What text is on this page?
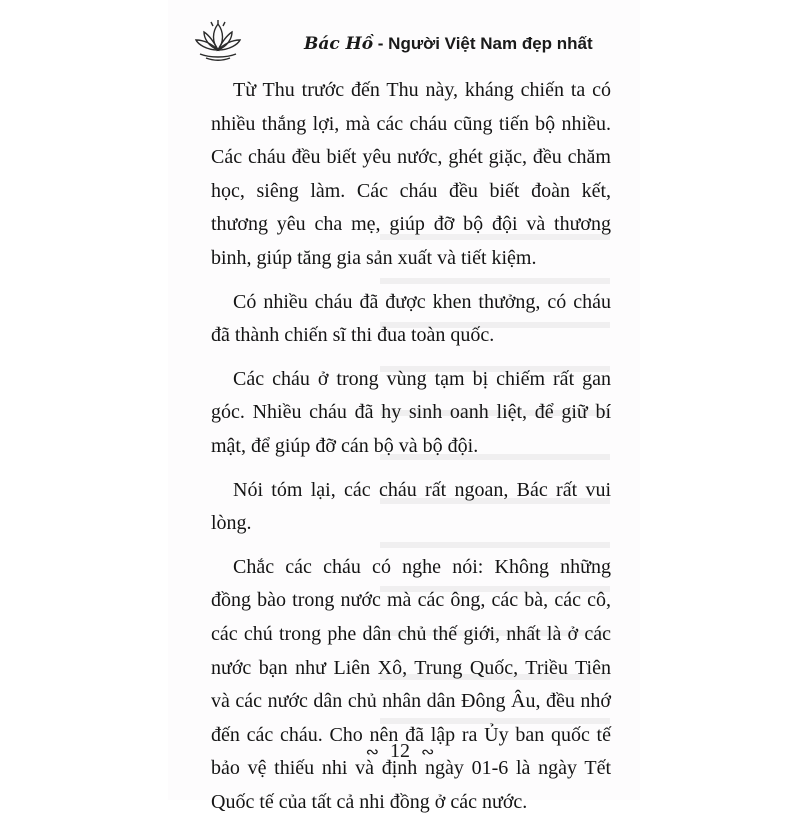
Bác Hồ - Người Việt Nam đẹp nhất

Từ Thu trước đến Thu này, kháng chiến ta có nhiều thắng lợi, mà các cháu cũng tiến bộ nhiều. Các cháu đều biết yêu nước, ghét giặc, đều chăm học, siêng làm. Các cháu đều biết đoàn kết, thương yêu cha mẹ, giúp đỡ bộ đội và thương binh, giúp tăng gia sản xuất và tiết kiệm.

Có nhiều cháu đã được khen thưởng, có cháu đã thành chiến sĩ thi đua toàn quốc.

Các cháu ở trong vùng tạm bị chiếm rất gan góc. Nhiều cháu đã hy sinh oanh liệt, để giữ bí mật, để giúp đỡ cán bộ và bộ đội.

Nói tóm lại, các cháu rất ngoan, Bác rất vui lòng.

Chắc các cháu có nghe nói: Không những đồng bào trong nước mà các ông, các bà, các cô, các chú trong phe dân chủ thế giới, nhất là ở các nước bạn như Liên Xô, Trung Quốc, Triều Tiên và các nước dân chủ nhân dân Đông Âu, đều nhớ đến các cháu. Cho nên đã lập ra Ủy ban quốc tế bảo vệ thiếu nhi và định ngày 01-6 là ngày Tết Quốc tế của tất cả nhi đồng ở các nước.

∾ 12 ∾
